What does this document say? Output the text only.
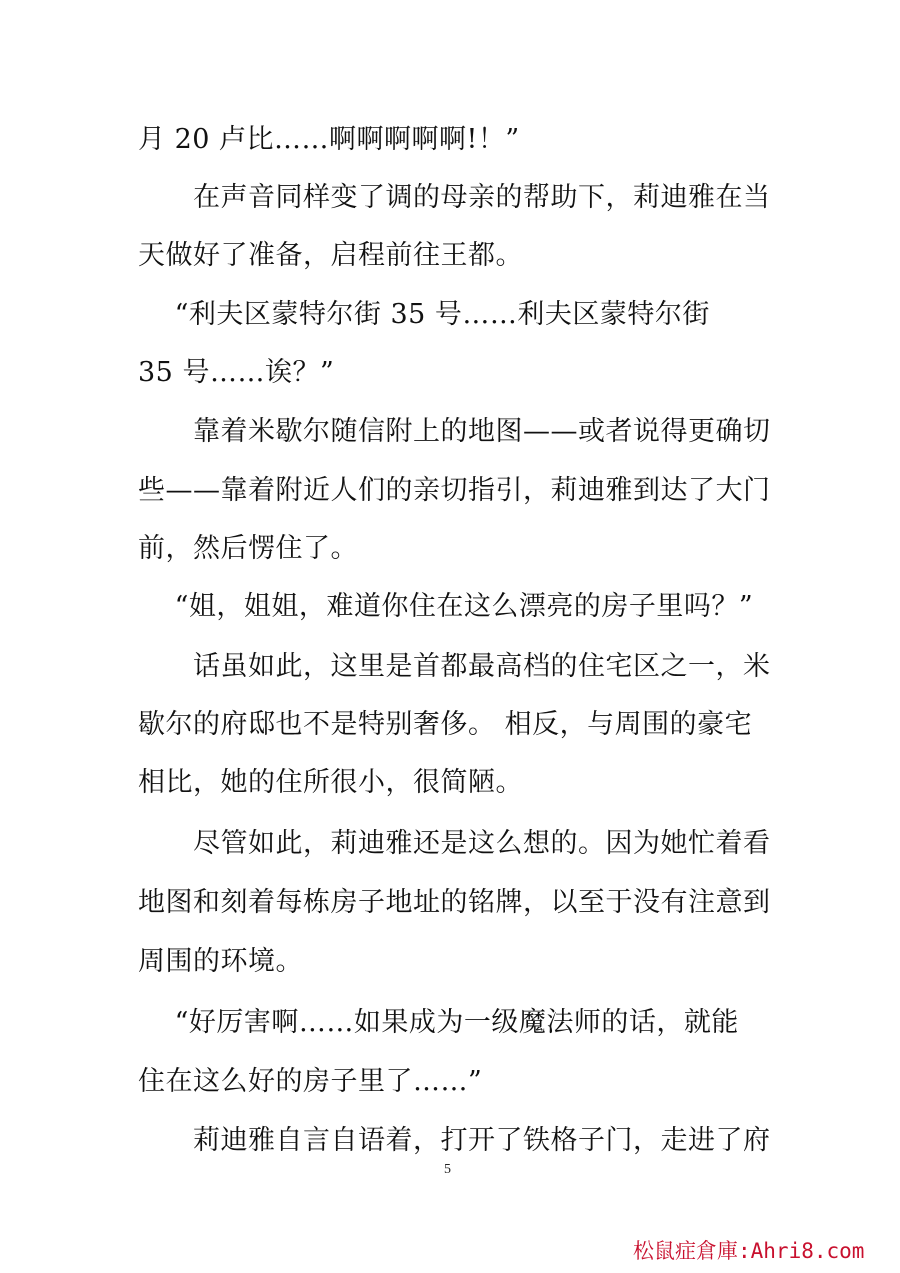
月 20 卢比……啊啊啊啊啊!！”
　　在声音同样变了调的母亲的帮助下，莉迪雅在当
天做好了准备，启程前往王都。
　 “利夫区蒙特尔街 35 号……利夫区蒙特尔街
35 号……诶？”
　　靠着米歇尔随信附上的地图——或者说得更确切
些——靠着附近人们的亲切指引，莉迪雅到达了大门
前，然后愣住了。
　 “姐，姐姐，难道你住在这么漂亮的房子里吗？”
　　话虽如此，这里是首都最高档的住宅区之一，米
歇尔的府邸也不是特别奢侈。 相反，与周围的豪宅
相比，她的住所很小，很简陋。
　　尽管如此，莉迪雅还是这么想的。因为她忙着看
地图和刻着每栋房子地址的铭牌，以至于没有注意到
周围的环境。
　 “好厉害啊……如果成为一级魔法师的话，就能
住在这么好的房子里了……”
　　莉迪雅自言自语着，打开了铁格子门，走进了府
5
松鼠症倉庫:Ahri8.com
